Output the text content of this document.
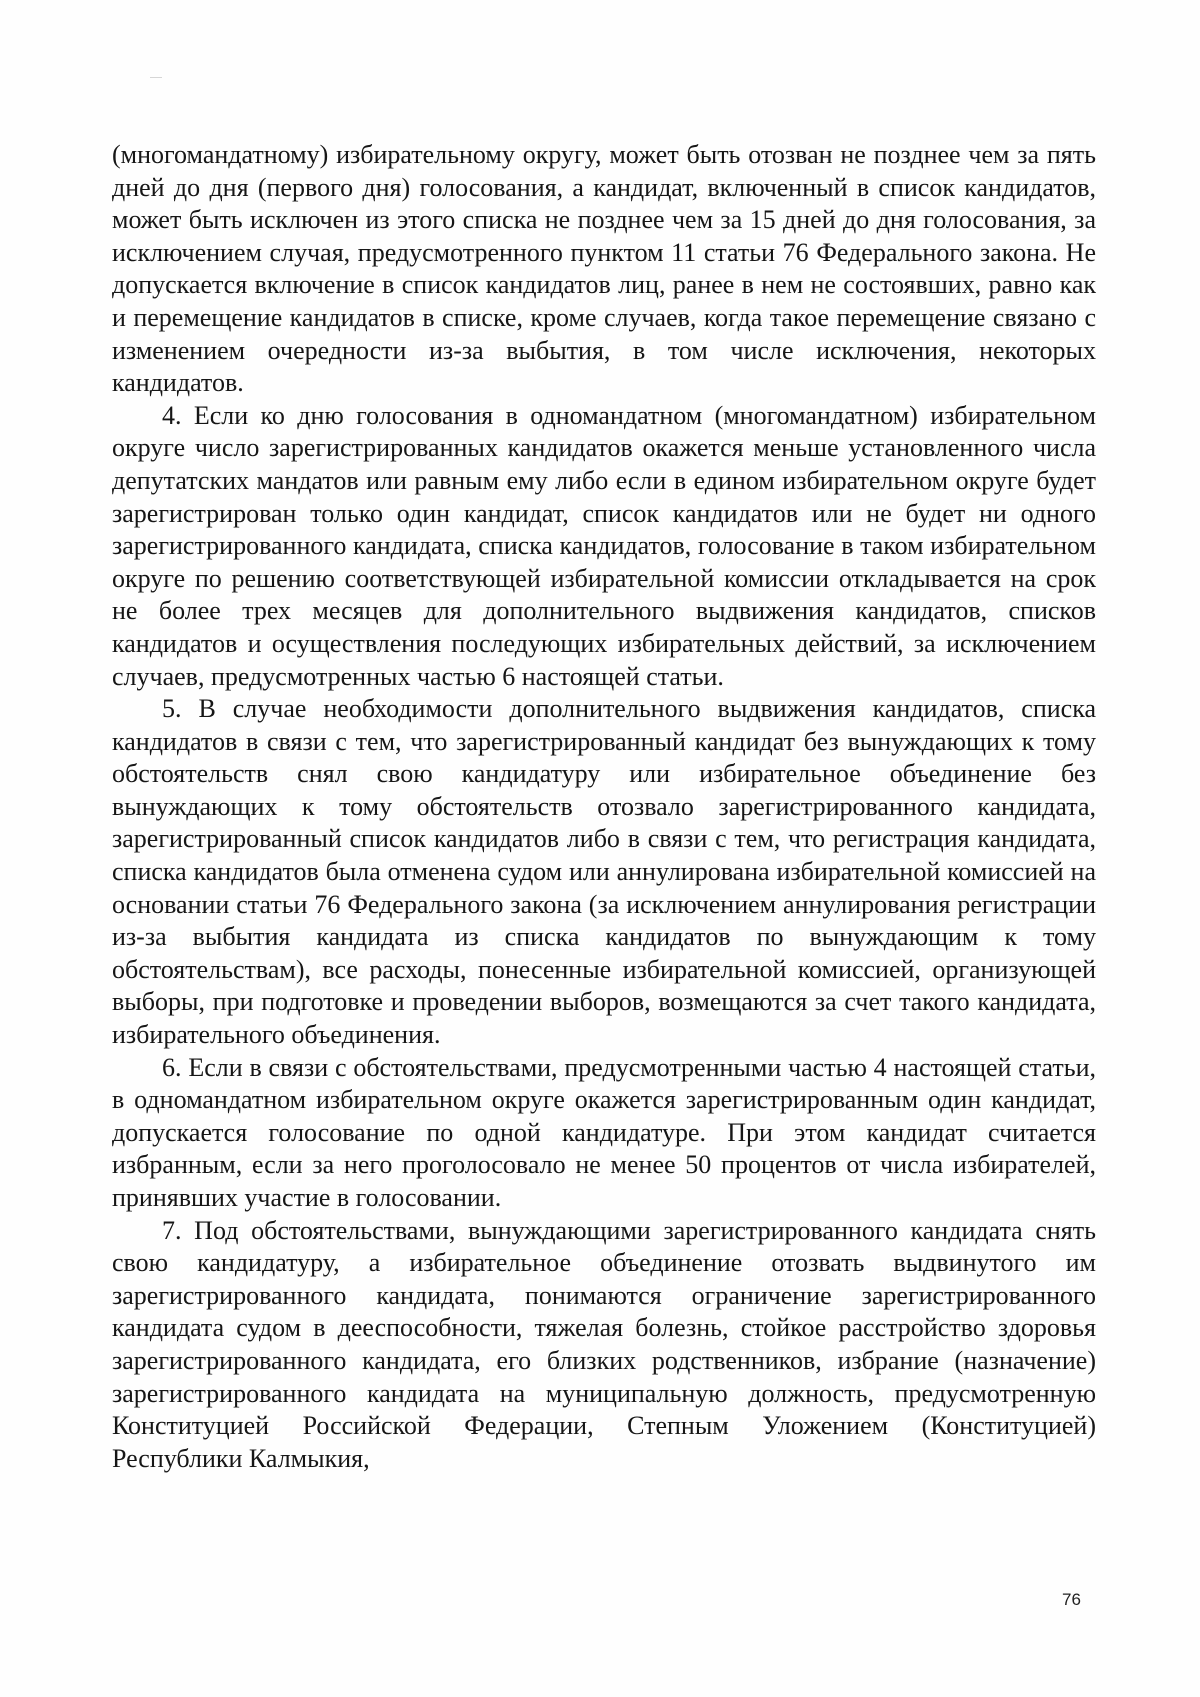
(многомандатному) избирательному округу, может быть отозван не позднее чем за пять дней до дня (первого дня) голосования, а кандидат, включенный в список кандидатов, может быть исключен из этого списка не позднее чем за 15 дней до дня голосования, за исключением случая, предусмотренного пунктом 11 статьи 76 Федерального закона. Не допускается включение в список кандидатов лиц, ранее в нем не состоявших, равно как и перемещение кандидатов в списке, кроме случаев, когда такое перемещение связано с изменением очередности из-за выбытия, в том числе исключения, некоторых кандидатов.

4. Если ко дню голосования в одномандатном (многомандатном) избирательном округе число зарегистрированных кандидатов окажется меньше установленного числа депутатских мандатов или равным ему либо если в едином избирательном округе будет зарегистрирован только один кандидат, список кандидатов или не будет ни одного зарегистрированного кандидата, списка кандидатов, голосование в таком избирательном округе по решению соответствующей избирательной комиссии откладывается на срок не более трех месяцев для дополнительного выдвижения кандидатов, списков кандидатов и осуществления последующих избирательных действий, за исключением случаев, предусмотренных частью 6 настоящей статьи.

5. В случае необходимости дополнительного выдвижения кандидатов, списка кандидатов в связи с тем, что зарегистрированный кандидат без вынуждающих к тому обстоятельств снял свою кандидатуру или избирательное объединение без вынуждающих к тому обстоятельств отозвало зарегистрированного кандидата, зарегистрированный список кандидатов либо в связи с тем, что регистрация кандидата, списка кандидатов была отменена судом или аннулирована избирательной комиссией на основании статьи 76 Федерального закона (за исключением аннулирования регистрации из-за выбытия кандидата из списка кандидатов по вынуждающим к тому обстоятельствам), все расходы, понесенные избирательной комиссией, организующей выборы, при подготовке и проведении выборов, возмещаются за счет такого кандидата, избирательного объединения.

6. Если в связи с обстоятельствами, предусмотренными частью 4 настоящей статьи, в одномандатном избирательном округе окажется зарегистрированным один кандидат, допускается голосование по одной кандидатуре. При этом кандидат считается избранным, если за него проголосовало не менее 50 процентов от числа избирателей, принявших участие в голосовании.

7. Под обстоятельствами, вынуждающими зарегистрированного кандидата снять свою кандидатуру, а избирательное объединение отозвать выдвинутого им зарегистрированного кандидата, понимаются ограничение зарегистрированного кандидата судом в дееспособности, тяжелая болезнь, стойкое расстройство здоровья зарегистрированного кандидата, его близких родственников, избрание (назначение) зарегистрированного кандидата на муниципальную должность, предусмотренную Конституцией Российской Федерации, Степным Уложением (Конституцией) Республики Калмыкия,

76
